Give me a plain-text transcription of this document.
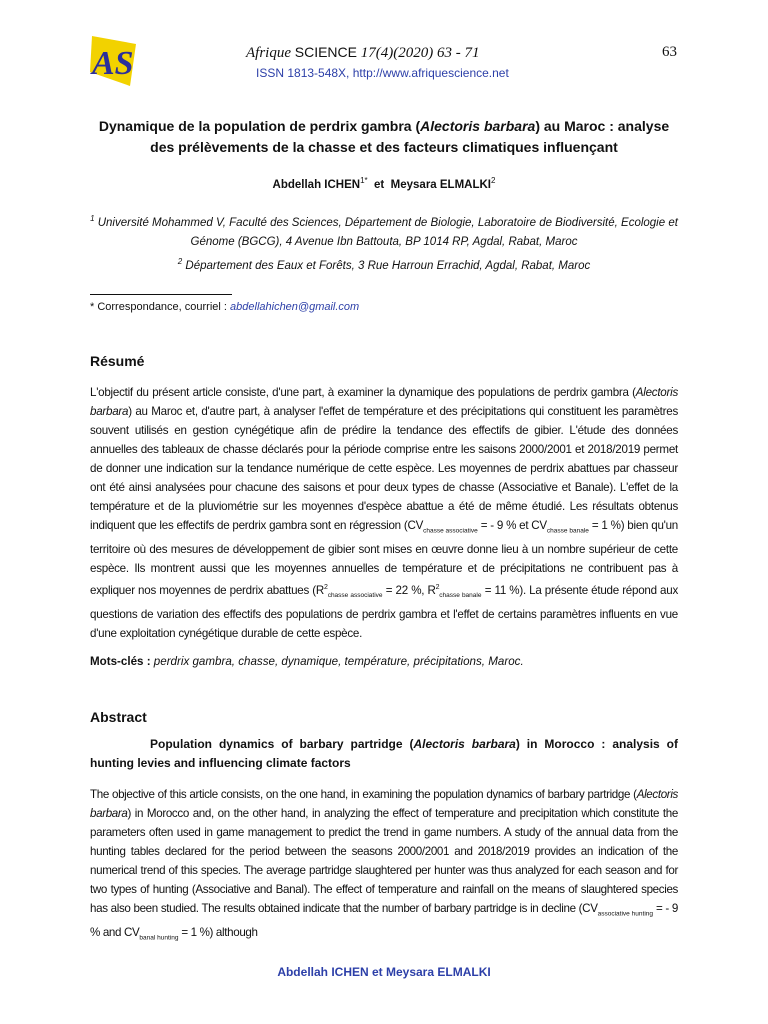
AS	Afrique SCIENCE 17(4)(2020) 63 - 71	63
ISSN 1813-548X, http://www.afriquescience.net
Dynamique de la population de perdrix gambra (Alectoris barbara) au Maroc : analyse des prélèvements de la chasse et des facteurs climatiques influençant
Abdellah $ICHEN^{1*}$ et Meysara ELMALKI$^2$
$^1$ Université Mohammed V, Faculté des Sciences, Département de Biologie, Laboratoire de Biodiversité, Ecologie et Génome (BGCG), 4 Avenue Ibn Battouta, BP 1014 RP, Agdal, Rabat, Maroc
$^2$ Département des Eaux et Forêts, 3 Rue Harroun Errachid, Agdal, Rabat, Maroc
* Correspondance, courriel : abdellahichen@gmail.com
Résumé
L'objectif du présent article consiste, d'une part, à examiner la dynamique des populations de perdrix gambra (Alectoris barbara) au Maroc et, d'autre part, à analyser l'effet de température et des précipitations qui constituent les paramètres souvent utilisés en gestion cynégétique afin de prédire la tendance des effectifs de gibier. L'étude des données annuelles des tableaux de chasse déclarés pour la période comprise entre les saisons 2000/2001 et 2018/2019 permet de donner une indication sur la tendance numérique de cette espèce. Les moyennes de perdrix abattues par chasseur ont été ainsi analysées pour chacune des saisons et pour deux types de chasse (Associative et Banale). L'effet de la température et de la pluviométrie sur les moyennes d'espèce abattue a été de même étudié. Les résultats obtenus indiquent que les effectifs de perdrix gambra sont en régression ($CV_{chasse associative}$ = - 9 % et $CV_{chasse banale} = 1$ %) bien qu'un territoire où des mesures de développement de gibier sont mises en œuvre donne lieu à un nombre supérieur de cette espèce. Ils montrent aussi que les moyennes annuelles de température et de précipitations ne contribuent pas à expliquer nos moyennes de perdrix abattues ($R^2_{chasse associative} = 22$ %, $R^2_{chasse banale} = 11$ %). La présente étude répond aux questions de variation des effectifs des populations de perdrix gambra et l'effet de certains paramètres influents en vue d'une exploitation cynégétique durable de cette espèce.
Mots-clés : perdrix gambra, chasse, dynamique, température, précipitations, Maroc.
Abstract
Population dynamics of barbary partridge (Alectoris barbara) in Morocco : analysis of hunting levies and influencing climate factors
The objective of this article consists, on the one hand, in examining the population dynamics of barbary partridge (Alectoris barbara) in Morocco and, on the other hand, in analyzing the effect of temperature and precipitation which constitute the parameters often used in game management to predict the trend in game numbers. A study of the annual data from the hunting tables declared for the period between the seasons 2000/2001 and 2018/2019 provides an indication of the numerical trend of this species. The average partridge slaughtered per hunter was thus analyzed for each season and for two types of hunting (Associative and Banal). The effect of temperature and rainfall on the means of slaughtered species has also been studied. The results obtained indicate that the number of barbary partridge is in decline ($CV_{associative hunting}$ = - 9 % and $CV_{banal hunting} = 1$ %) although
Abdellah ICHEN et Meysara ELMALKI
